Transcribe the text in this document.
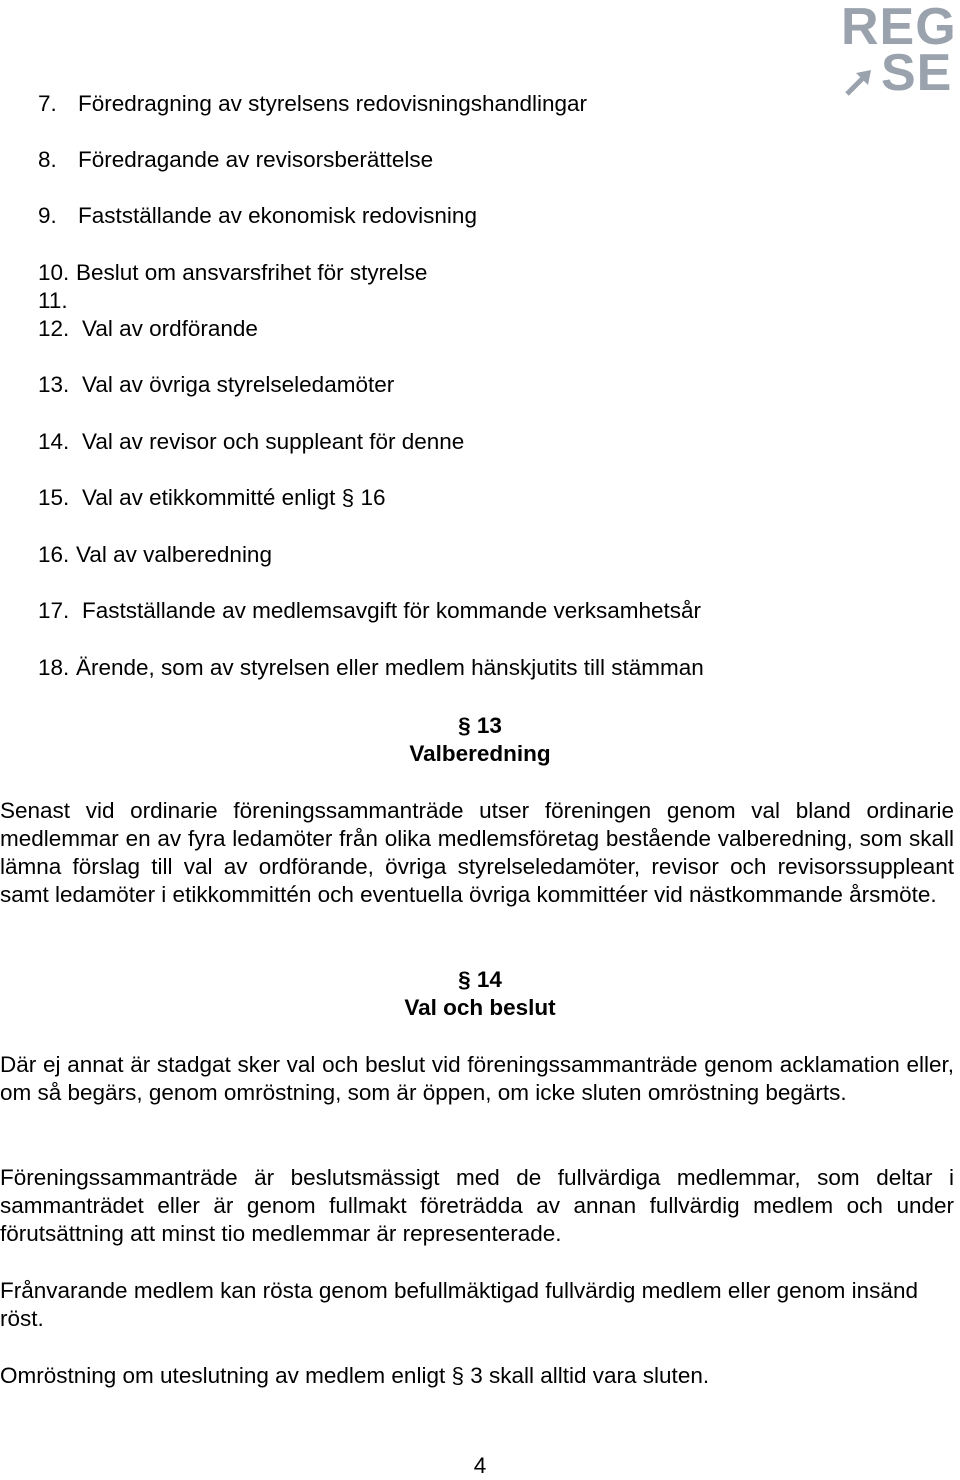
REG
SE
7. Föredragning av styrelsens redovisningshandlingar
8. Föredragande av revisorsberättelse
9. Fastställande av ekonomisk redovisning
10. Beslut om ansvarsfrihet för styrelse
11.
12. Val av ordförande
13. Val av övriga styrelseledamöter
14. Val av revisor och suppleant för denne
15. Val av etikkommitté enligt § 16
16. Val av valberedning
17. Fastställande av medlemsavgift för kommande verksamhetsår
18. Ärende, som av styrelsen eller medlem hänskjutits till stämman
§ 13
Valberedning

Senast vid ordinarie föreningssammanträde utser föreningen genom val bland ordinarie medlemmar en av fyra ledamöter från olika medlemsföretag bestående valberedning, som skall lämna förslag till val av ordförande, övriga styrelseledamöter, revisor och revisorssuppleant samt ledamöter i etikkommittén och eventuella övriga kommittéer vid nästkommande årsmöte.

§ 14
Val och beslut

Där ej annat är stadgat sker val och beslut vid föreningssammanträde genom acklamation eller, om så begärs, genom omröstning, som är öppen, om icke sluten omröstning begärts.

Föreningssammanträde är beslutsmässigt med de fullvärdiga medlemmar, som deltar i sammanträdet eller är genom fullmakt företrädda av annan fullvärdig medlem och under förutsättning att minst tio medlemmar är representerade.

Frånvarande medlem kan rösta genom befullmäktigad fullvärdig medlem eller genom insänd röst.

Omröstning om uteslutning av medlem enligt § 3 skall alltid vara sluten.

4
